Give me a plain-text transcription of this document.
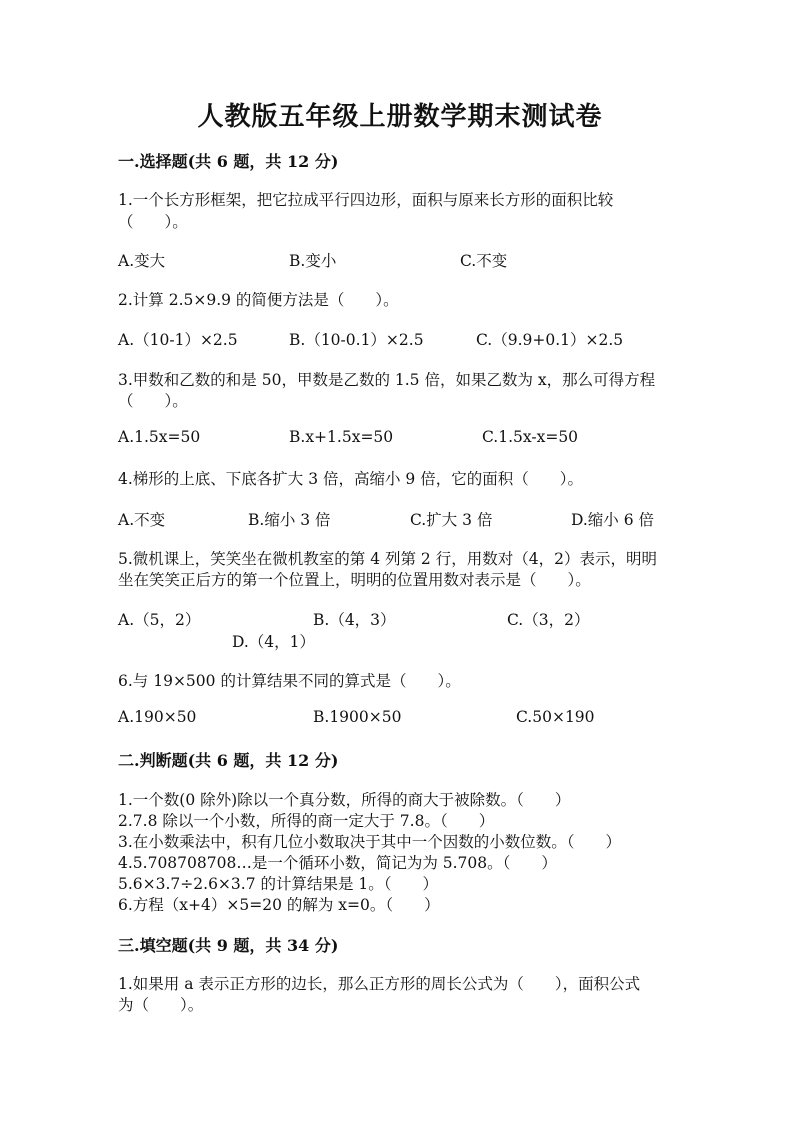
人教版五年级上册数学期末测试卷
一.选择题(共 6 题，共 12 分)
1.一个长方形框架，把它拉成平行四边形，面积与原来长方形的面积比较
（　　）。
A.变大	B.变小	C.不变
2.计算 2.5×9.9 的简便方法是（　　）。
A.（10-1）×2.5	B.（10-0.1）×2.5	C.（9.9+0.1）×2.5
3.甲数和乙数的和是 50，甲数是乙数的 1.5 倍，如果乙数为 x，那么可得方程
（　　）。
A.1.5x=50	B.x+1.5x=50	C.1.5x-x=50
4.梯形的上底、下底各扩大 3 倍，高缩小 9 倍，它的面积（　　）。
A.不变	B.缩小 3 倍	C.扩大 3 倍	D.缩小 6 倍
5.微机课上，笑笑坐在微机教室的第 4 列第 2 行，用数对（4，2）表示，明明
坐在笑笑正后方的第一个位置上，明明的位置用数对表示是（　　）。
A.（5，2）	B.（4，3）	C.（3，2）
D.（4，1）
6.与 19×500 的计算结果不同的算式是（　　）。
A.190×50	B.1900×50	C.50×190
二.判断题(共 6 题，共 12 分)
1.一个数(0 除外)除以一个真分数，所得的商大于被除数。（　　）
2.7.8 除以一个小数，所得的商一定大于 7.8。（　　）
3.在小数乘法中，积有几位小数取决于其中一个因数的小数位数。（　　）
4.5.708708708…是一个循环小数，简记为为 5.708。（　　）
5.6×3.7÷2.6×3.7 的计算结果是 1。（　　）
6.方程（x+4）×5=20 的解为 x=0。（　　）
三.填空题(共 9 题，共 34 分)
1.如果用 a 表示正方形的边长，那么正方形的周长公式为（　　），面积公式
为（　　）。
